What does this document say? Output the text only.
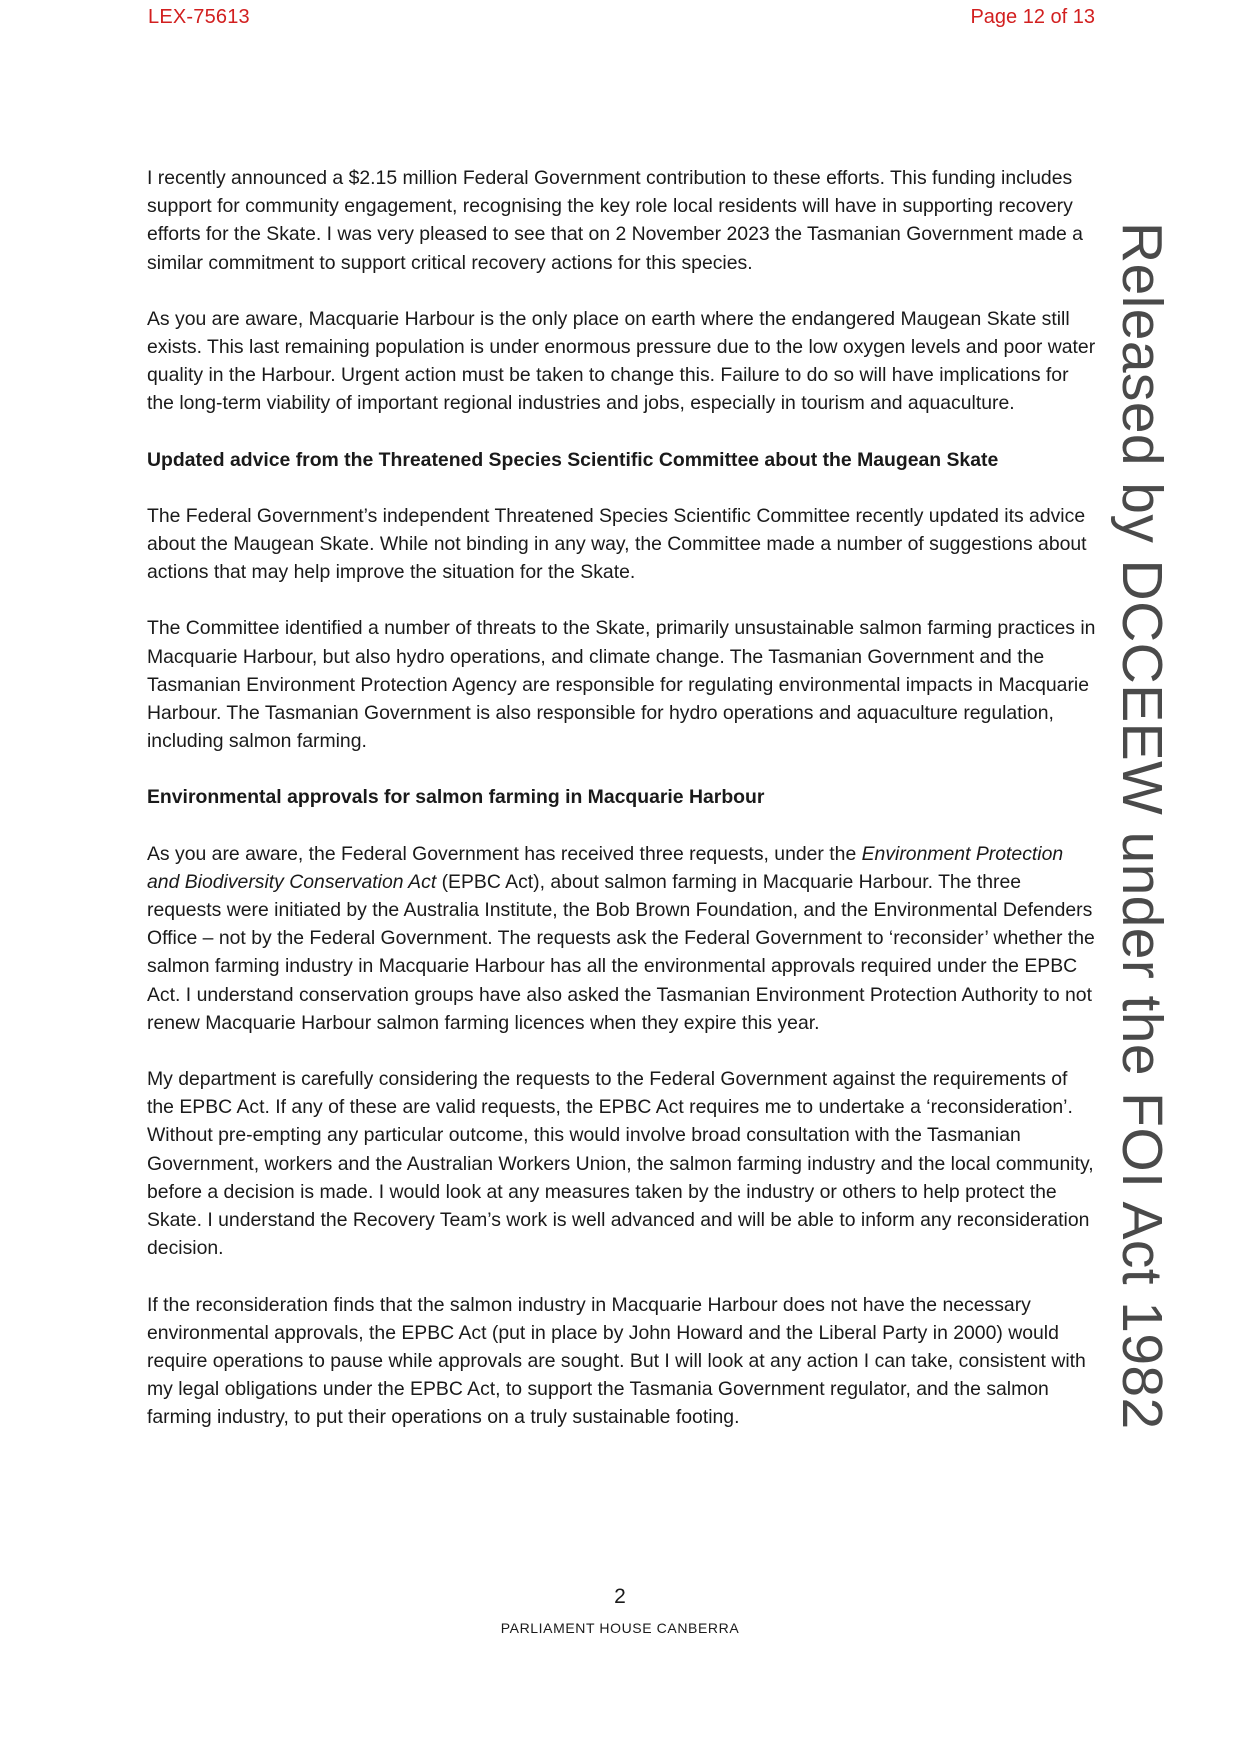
LEX-75613	Page 12 of 13
Released by DCCEEW under the FOI Act 1982

I recently announced a $2.15 million Federal Government contribution to these efforts. This funding includes support for community engagement, recognising the key role local residents will have in supporting recovery efforts for the Skate. I was very pleased to see that on 2 November 2023 the Tasmanian Government made a similar commitment to support critical recovery actions for this species.

As you are aware, Macquarie Harbour is the only place on earth where the endangered Maugean Skate still exists. This last remaining population is under enormous pressure due to the low oxygen levels and poor water quality in the Harbour. Urgent action must be taken to change this. Failure to do so will have implications for the long-term viability of important regional industries and jobs, especially in tourism and aquaculture.

Updated advice from the Threatened Species Scientific Committee about the Maugean Skate

The Federal Government’s independent Threatened Species Scientific Committee recently updated its advice about the Maugean Skate. While not binding in any way, the Committee made a number of suggestions about actions that may help improve the situation for the Skate.

The Committee identified a number of threats to the Skate, primarily unsustainable salmon farming practices in Macquarie Harbour, but also hydro operations, and climate change. The Tasmanian Government and the Tasmanian Environment Protection Agency are responsible for regulating environmental impacts in Macquarie Harbour. The Tasmanian Government is also responsible for hydro operations and aquaculture regulation, including salmon farming.

Environmental approvals for salmon farming in Macquarie Harbour

As you are aware, the Federal Government has received three requests, under the Environment Protection and Biodiversity Conservation Act (EPBC Act), about salmon farming in Macquarie Harbour. The three requests were initiated by the Australia Institute, the Bob Brown Foundation, and the Environmental Defenders Office – not by the Federal Government. The requests ask the Federal Government to ‘reconsider’ whether the salmon farming industry in Macquarie Harbour has all the environmental approvals required under the EPBC Act. I understand conservation groups have also asked the Tasmanian Environment Protection Authority to not renew Macquarie Harbour salmon farming licences when they expire this year.

My department is carefully considering the requests to the Federal Government against the requirements of the EPBC Act. If any of these are valid requests, the EPBC Act requires me to undertake a ‘reconsideration’. Without pre-empting any particular outcome, this would involve broad consultation with the Tasmanian Government, workers and the Australian Workers Union, the salmon farming industry and the local community, before a decision is made. I would look at any measures taken by the industry or others to help protect the Skate. I understand the Recovery Team’s work is well advanced and will be able to inform any reconsideration decision.

If the reconsideration finds that the salmon industry in Macquarie Harbour does not have the necessary environmental approvals, the EPBC Act (put in place by John Howard and the Liberal Party in 2000) would require operations to pause while approvals are sought. But I will look at any action I can take, consistent with my legal obligations under the EPBC Act, to support the Tasmania Government regulator, and the salmon farming industry, to put their operations on a truly sustainable footing.

2
PARLIAMENT HOUSE CANBERRA
